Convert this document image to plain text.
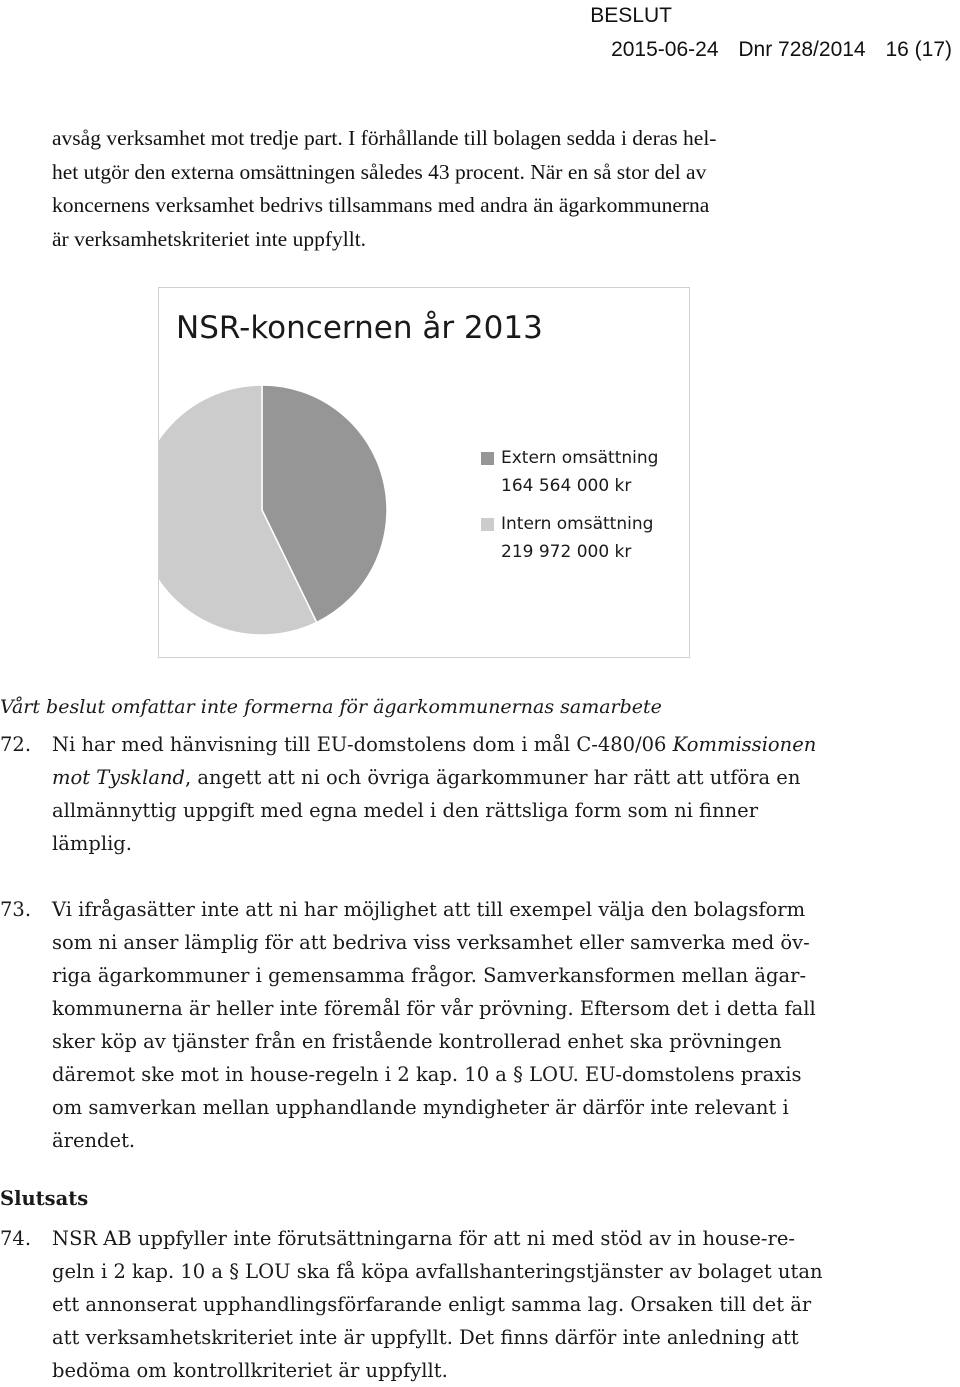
BESLUT
2015-06-24 Dnr 728/2014 16 (17)
avsåg verksamhet mot tredje part. I förhållande till bolagen sedda i deras hel-
het utgör den externa omsättningen således 43 procent. När en så stor del av
koncernens verksamhet bedrivs tillsammans med andra än ägarkommunerna
är verksamhetskriteriet inte uppfyllt.
NSR-koncernen år 2013
Extern omsättning
164 564 000 kr
Intern omsättning
219 972 000 kr
Vårt beslut omfattar inte formerna för ägarkommunernas samarbete
72. Ni har med hänvisning till EU-domstolens dom i mål C-480/06 Kommissionen
mot Tyskland, angett att ni och övriga ägarkommuner har rätt att utföra en
allmännyttig uppgift med egna medel i den rättsliga form som ni finner
lämplig.
73. Vi ifrågasätter inte att ni har möjlighet att till exempel välja den bolagsform
som ni anser lämplig för att bedriva viss verksamhet eller samverka med öv-
riga ägarkommuner i gemensamma frågor. Samverkansformen mellan ägar-
kommunerna är heller inte föremål för vår prövning. Eftersom det i detta fall
sker köp av tjänster från en fristående kontrollerad enhet ska prövningen
däremot ske mot in house-regeln i 2 kap. 10 a § LOU. EU-domstolens praxis
om samverkan mellan upphandlande myndigheter är därför inte relevant i
ärendet.
Slutsats
74. NSR AB uppfyller inte förutsättningarna för att ni med stöd av in house-re-
geln i 2 kap. 10 a § LOU ska få köpa avfallshanteringstjänster av bolaget utan
ett annonserat upphandlingsförfarande enligt samma lag. Orsaken till det är
att verksamhetskriteriet inte är uppfyllt. Det finns därför inte anledning att
bedöma om kontrollkriteriet är uppfyllt.
